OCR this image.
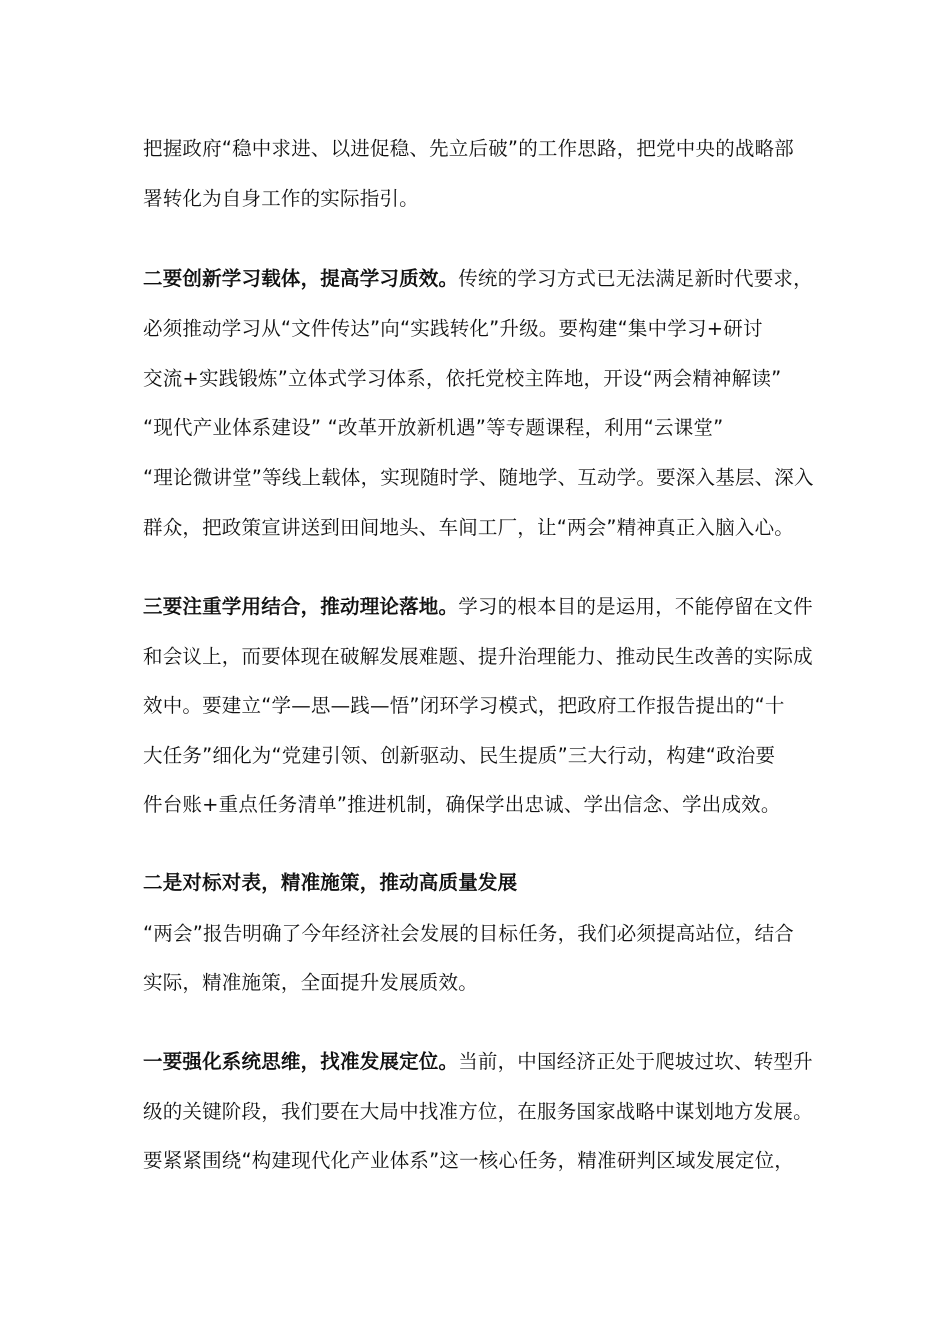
把握政府“稳中求进、以进促稳、先立后破”的工作思路，把党中央的战略部
署转化为自身工作的实际指引。
二要创新学习载体，提高学习质效。传统的学习方式已无法满足新时代要求，
必须推动学习从“文件传达”向“实践转化”升级。要构建“集中学习+研讨
交流+实践锻炼”立体式学习体系，依托党校主阵地，开设“两会精神解读”
“现代产业体系建设” “改革开放新机遇”等专题课程，利用“云课堂”
“理论微讲堂”等线上载体，实现随时学、随地学、互动学。要深入基层、深入
群众，把政策宣讲送到田间地头、车间工厂，让“两会”精神真正入脑入心。
三要注重学用结合，推动理论落地。学习的根本目的是运用，不能停留在文件
和会议上，而要体现在破解发展难题、提升治理能力、推动民生改善的实际成
效中。要建立“学—思—践—悟”闭环学习模式，把政府工作报告提出的“十
大任务”细化为“党建引领、创新驱动、民生提质”三大行动，构建“政治要
件台账+重点任务清单”推进机制，确保学出忠诚、学出信念、学出成效。
二是对标对表，精准施策，推动高质量发展
“两会”报告明确了今年经济社会发展的目标任务，我们必须提高站位，结合
实际，精准施策，全面提升发展质效。
一要强化系统思维，找准发展定位。当前，中国经济正处于爬坡过坎、转型升
级的关键阶段，我们要在大局中找准方位，在服务国家战略中谋划地方发展。
要紧紧围绕“构建现代化产业体系”这一核心任务，精准研判区域发展定位，
